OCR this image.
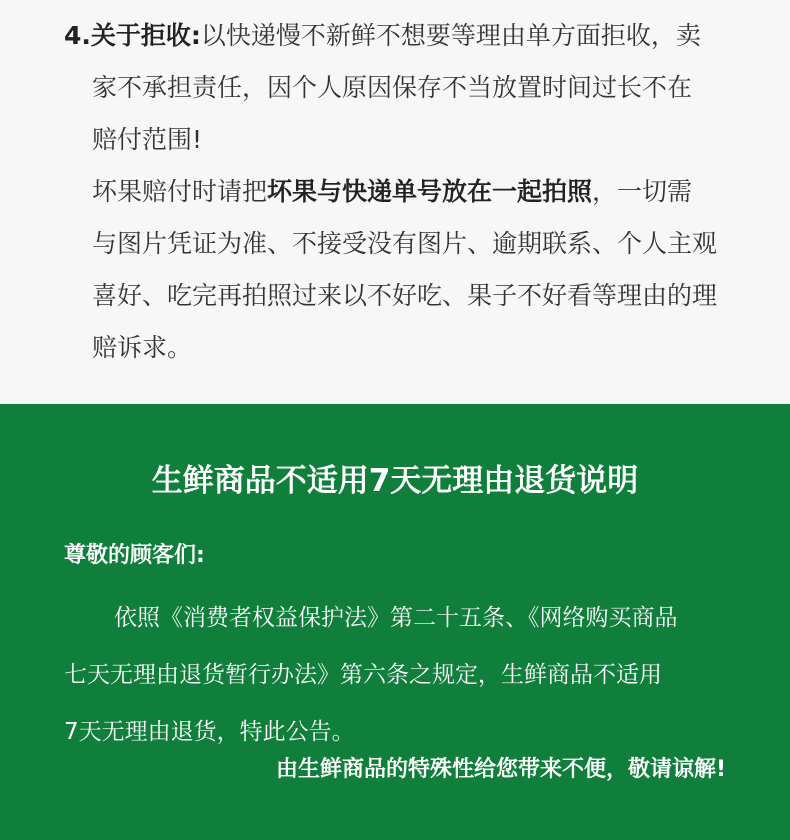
4.关于拒收:以快递慢不新鲜不想要等理由单方面拒收，卖
家不承担责任，因个人原因保存不当放置时间过长不在
赔付范围!
坏果赔付时请把坏果与快递单号放在一起拍照，一切需
与图片凭证为准、不接受没有图片、逾期联系、个人主观
喜好、吃完再拍照过来以不好吃、果子不好看等理由的理
赔诉求。
生鲜商品不适用7天无理由退货说明
尊敬的顾客们:
依照《消费者权益保护法》第二十五条、《网络购买商品
七天无理由退货暂行办法》第六条之规定，生鲜商品不适用
7天无理由退货，特此公告。
由生鲜商品的特殊性给您带来不便，敬请谅解!
